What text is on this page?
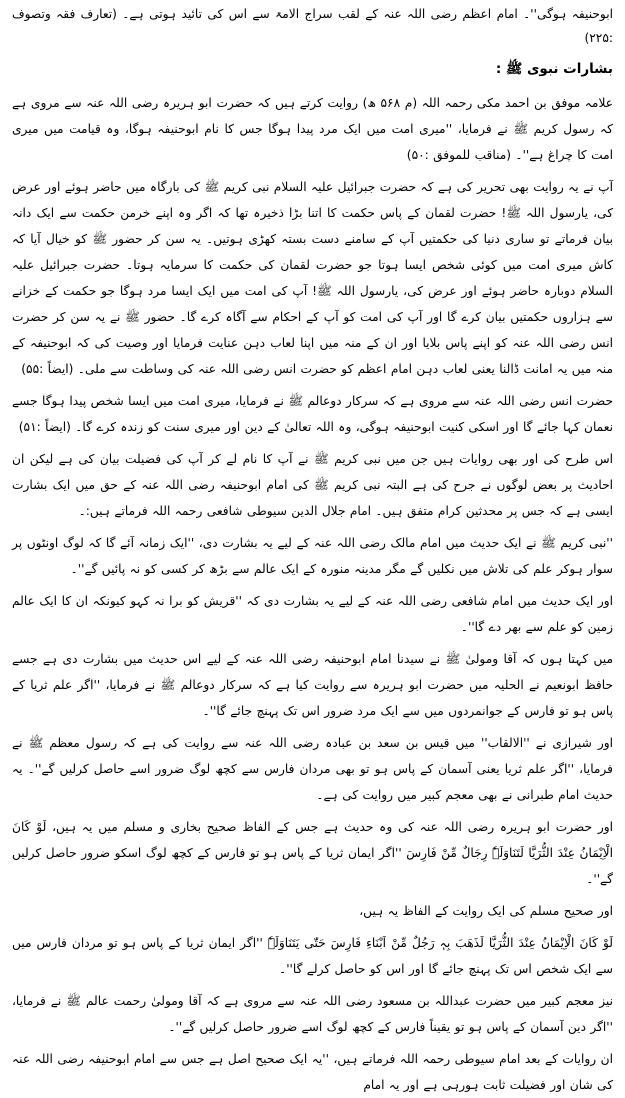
ابوحنیفہ ہوگی''۔ امام اعظم رضی اللہ عنہ کے لقب سراج الامۃ سے اس کی تائید ہوتی ہے۔ (تعارف فقہ وتصوف :۲۲۵)

بشارات نبوی ﷺ :

علامہ موفق بن احمد مکی رحمہ اللہ (م ۵۶۸ ھ) روایت کرتے ہیں کہ حضرت ابو ہریرہ رضی اللہ عنہ سے مروی ہے کہ رسول کریم ﷺ نے فرمایا، ''میری امت میں ایک مرد پیدا ہوگا جس کا نام ابوحنیفہ ہوگا، وہ قیامت میں میری امت کا چراغ ہے''۔ (مناقب للموفق :۵۰)

آپ نے یہ روایت بھی تحریر کی ہے کہ حضرت جبرائیل علیہ السلام نبی کریم ﷺ کی بارگاہ میں حاضر ہوئے اور عرض کی، یارسول اللہ ﷺ! حضرت لقمان کے پاس حکمت کا اتنا بڑا ذخیرہ تھا کہ اگر وہ اپنے خرمن حکمت سے ایک دانہ بیان فرماتے تو ساری دنیا کی حکمتیں آپ کے سامنے دست بستہ کھڑی ہوتیں۔ یہ سن کر حضور ﷺ کو خیال آیا کہ کاش میری امت میں کوئی شخص ایسا ہوتا جو حضرت لقمان کی حکمت کا سرمایہ ہوتا۔ حضرت جبرائیل علیہ السلام دوبارہ حاضر ہوئے اور عرض کی، یارسول اللہ ﷺ! آپ کی امت میں ایک ایسا مرد ہوگا جو حکمت کے خزانے سے ہزاروں حکمتیں بیان کرے گا اور آپ کی امت کو آپ کے احکام سے آگاہ کرے گا۔ حضور ﷺ نے یہ سن کر حضرت انس رضی اللہ عنہ کو اپنے پاس بلایا اور ان کے منہ میں اپنا لعاب دہن عنایت فرمایا اور وصیت کی کہ ابوحنیفہ کے منہ میں یہ امانت ڈالنا یعنی لعاب دہن امام اعظم کو حضرت انس رضی اللہ عنہ کی وساطت سے ملی۔ (ایضاً :۵۵)

حضرت انس رضی اللہ عنہ سے مروی ہے کہ سرکار دوعالم ﷺ نے فرمایا، میری امت میں ایسا شخص پیدا ہوگا جسے نعمان کہا جائے گا اور اسکی کنیت ابوحنیفہ ہوگی، وہ اللہ تعالیٰ کے دین اور میری سنت کو زندہ کرے گا۔ (ایضاً :۵۱)

اس طرح کی اور بھی روایات ہیں جن میں نبی کریم ﷺ نے آپ کا نام لے کر آپ کی فضیلت بیان کی ہے لیکن ان احادیث پر بعض لوگوں نے جرح کی ہے البتہ نبی کریم ﷺ کی امام ابوحنیفہ رضی اللہ عنہ کے حق میں ایک بشارت ایسی ہے کہ جس پر محدثین کرام متفق ہیں۔ امام جلال الدین سیوطی شافعی رحمہ اللہ فرماتے ہیں:۔

''نبی کریم ﷺ نے ایک حدیث میں امام مالک رضی اللہ عنہ کے لیے یہ بشارت دی، ''ایک زمانہ آئے گا کہ لوگ اونٹوں پر سوار ہوکر علم کی تلاش میں نکلیں گے مگر مدینہ منورہ کے ایک عالم سے بڑھ کر کسی کو نہ پائیں گے''۔

اور ایک حدیث میں امام شافعی رضی اللہ عنہ کے لیے یہ بشارت دی کہ ''قریش کو برا نہ کہو کیونکہ ان کا ایک عالم زمین کو علم سے بھر دے گا''۔

میں کہتا ہوں کہ آقا ومولیٰ ﷺ نے سیدنا امام ابوحنیفہ رضی اللہ عنہ کے لیے اس حدیث میں بشارت دی ہے جسے حافظ ابونعیم نے الحلیہ میں حضرت ابو ہریرہ سے روایت کیا ہے کہ سرکار دوعالم ﷺ نے فرمایا، ''اگر علم ثریا کے پاس ہو تو فارس کے جوانمردوں میں سے ایک مرد ضرور اس تک پہنچ جائے گا''۔

اور شیرازی نے ''الالقاب'' میں قیس بن سعد بن عبادہ رضی اللہ عنہ سے روایت کی ہے کہ رسول معظم ﷺ نے فرمایا، ''اگر علم ثریا یعنی آسمان کے پاس ہو تو بھی مردان فارس سے کچھ لوگ ضرور اسے حاصل کرلیں گے''۔ یہ حدیث امام طبرانی نے بھی معجم کبیر میں روایت کی ہے۔

اور حضرت ابو ہریرہ رضی اللہ عنہ کی وہ حدیث ہے جس کے الفاظ صحیح بخاری و مسلم میں یہ ہیں، لَوْ کَانَ الْاِیْمَانُ عِنْدَ الثُّرَیَّا لَتَنَاوَلَہٗ رِجَالٌ مِّنْ فَارِسَ ''اگر ایمان ثریا کے پاس ہو تو فارس کے کچھ لوگ اسکو ضرور حاصل کرلیں گے''۔

اور صحیح مسلم کی ایک روایت کے الفاظ یہ ہیں،

لَوْ کَانَ الْاِیْمَانُ عِنْدَ الثُّرَیَّا لَذَھَبَ بِہٖ رَجُلٌ مِّنْ اَبْنَاءِ فَارِسَ حَتّٰی یَتَنَاوَلَہٗ ''اگر ایمان ثریا کے پاس ہو تو مردان فارس میں سے ایک شخص اس تک پہنچ جائے گا اور اس کو حاصل کرلے گا''۔

نیز معجم کبیر میں حضرت عبداللہ بن مسعود رضی اللہ عنہ سے مروی ہے کہ آقا ومولیٰ رحمت عالم ﷺ نے فرمایا، ''اگر دین آسمان کے پاس ہو تو یقیناً فارس کے کچھ لوگ اسے ضرور حاصل کرلیں گے''۔

ان روایات کے بعد امام سیوطی رحمہ اللہ فرماتے ہیں، ''یہ ایک صحیح اصل ہے جس سے امام ابوحنیفہ رضی اللہ عنہ کی شان اور فضیلت ثابت ہورہی ہے اور یہ امام
